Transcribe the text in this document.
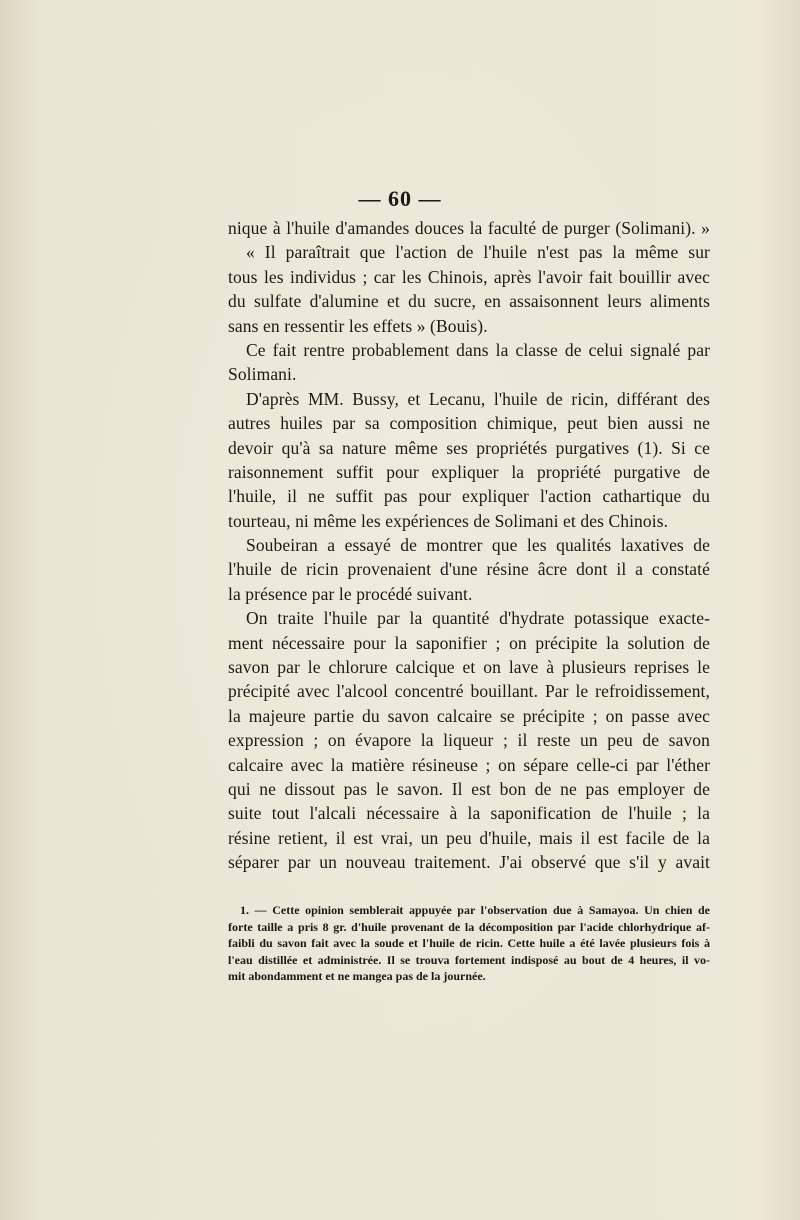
— 60 —
nique à l'huile d'amandes douces la faculté de purger (Solimani). »
« Il paraîtrait que l'action de l'huile n'est pas la même sur
tous les individus ; car les Chinois, après l'avoir fait bouillir avec
du sulfate d'alumine et du sucre, en assaisonnent leurs aliments
sans en ressentir les effets » (Bouis).
Ce fait rentre probablement dans la classe de celui signalé par
Solimani.
D'après MM. Bussy, et Lecanu, l'huile de ricin, différant des
autres huiles par sa composition chimique, peut bien aussi ne
devoir qu'à sa nature même ses propriétés purgatives (1). Si ce
raisonnement suffit pour expliquer la propriété purgative de
l'huile, il ne suffit pas pour expliquer l'action cathartique du
tourteau, ni même les expériences de Solimani et des Chinois.
Soubeiran a essayé de montrer que les qualités laxatives de
l'huile de ricin provenaient d'une résine âcre dont il a constaté
la présence par le procédé suivant.
On traite l'huile par la quantité d'hydrate potassique exacte-
ment nécessaire pour la saponifier ; on précipite la solution de
savon par le chlorure calcique et on lave à plusieurs reprises le
précipité avec l'alcool concentré bouillant. Par le refroidissement,
la majeure partie du savon calcaire se précipite ; on passe avec
expression ; on évapore la liqueur ; il reste un peu de savon
calcaire avec la matière résineuse ; on sépare celle-ci par l'éther
qui ne dissout pas le savon. Il est bon de ne pas employer de
suite tout l'alcali nécessaire à la saponification de l'huile ; la
résine retient, il est vrai, un peu d'huile, mais il est facile de la
séparer par un nouveau traitement. J'ai observé que s'il y avait
1. — Cette opinion semblerait appuyée par l'observation due à Samayoa. Un chien de
forte taille a pris 8 gr. d'huile provenant de la décomposition par l'acide chlorhydrique af-
faibli du savon fait avec la soude et l'huile de ricin. Cette huile a été lavée plusieurs fois à
l'eau distillée et administrée. Il se trouva fortement indisposé au bout de 4 heures, il vo-
mit abondamment et ne mangea pas de la journée.
